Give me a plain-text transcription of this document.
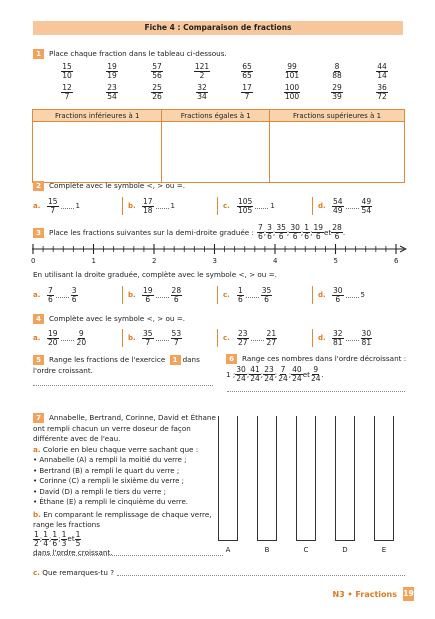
Fiche 4 : Comparaison de fractions
1 Place chaque fraction dans le tableau ci-dessous.
$\frac{15}{10} \frac{19}{19} \frac{57}{56} \frac{121}{2} \frac{65}{65} \frac{99}{101} \frac{8}{88} \frac{44}{14}$
$\frac{12}{7} \frac{23}{54} \frac{25}{26} \frac{32}{34} \frac{17}{7} \frac{100}{100} \frac{29}{39} \frac{36}{72}$
Fractions inférieures à 1	Fractions égales à 1	Fractions supérieures à 1

2 Complète avec le symbole <, > ou =.
a. $\frac{15}{7} 1$	b. $\frac{17}{18} 1$	c. $\frac{105}{105} 1$	d. $\frac{54}{49} \frac{49}{54}$
3	Place les fractions suivantes sur la demi-droite graduée : $\frac{7}{6}$ ; $\frac{3}{6}$ ; $\frac{35}{6}$ ; $\frac{30}{6}$ ; $\frac{1}{6}$ ; $\frac{19}{6}$ et $\frac{28}{6}$ .
0	1	2	3	4	5	6
En utilisant la droite graduée, complète avec le symbole <, > ou =.
a. $\frac{7}{6} \frac{3}{6}$	b. $\frac{19}{6} \frac{28}{6}$	c. $\frac{1}{6} \frac{35}{6}$	d. $\frac{30}{6} 5$
4 Complète avec le symbole <, > ou =.
a. $\frac{19}{20} \frac{9}{20}$	b. $\frac{35}{7} \frac{53}{7}$	c. $\frac{23}{27} \frac{21}{27}$	d. $\frac{32}{81} \frac{30}{81}$
5 Range les fractions de l'exercice 1 dans
l'ordre croissant.
6 Range ces nombres dans l'ordre décroissant :
1 ; $\frac{30}{24}$ ; $\frac{41}{24}$ ; $\frac{23}{24}$ ; $\frac{7}{24}$ ; $\frac{40}{24}$ et $\frac{9}{24}$ .
7 Annabelle, Bertrand, Corinne, David et Éthane ont rempli chacun un verre doseur de façon différente avec de l'eau.
a. Colorie en bleu chaque verre sachant que :
• Annabelle (A) a rempli la moitié du verre ;
• Bertrand (B) a rempli le quart du verre ;
• Corinne (C) a rempli le sixième du verre ;
• David (D) a rempli le tiers du verre ;
• Éthane (E) a rempli le cinquième du verre.
b. En comparant le remplissage de chaque verre, range les fractions
$\frac{1}{2}$ ; $\frac{1}{4}$ ; $\frac{1}{6}$ ; $\frac{1}{3}$ et $\frac{1}{5}$
dans l'ordre croissant.	A	B	C	D	E
c.
Que remarques-tu ?
N3 • Fractions 19
